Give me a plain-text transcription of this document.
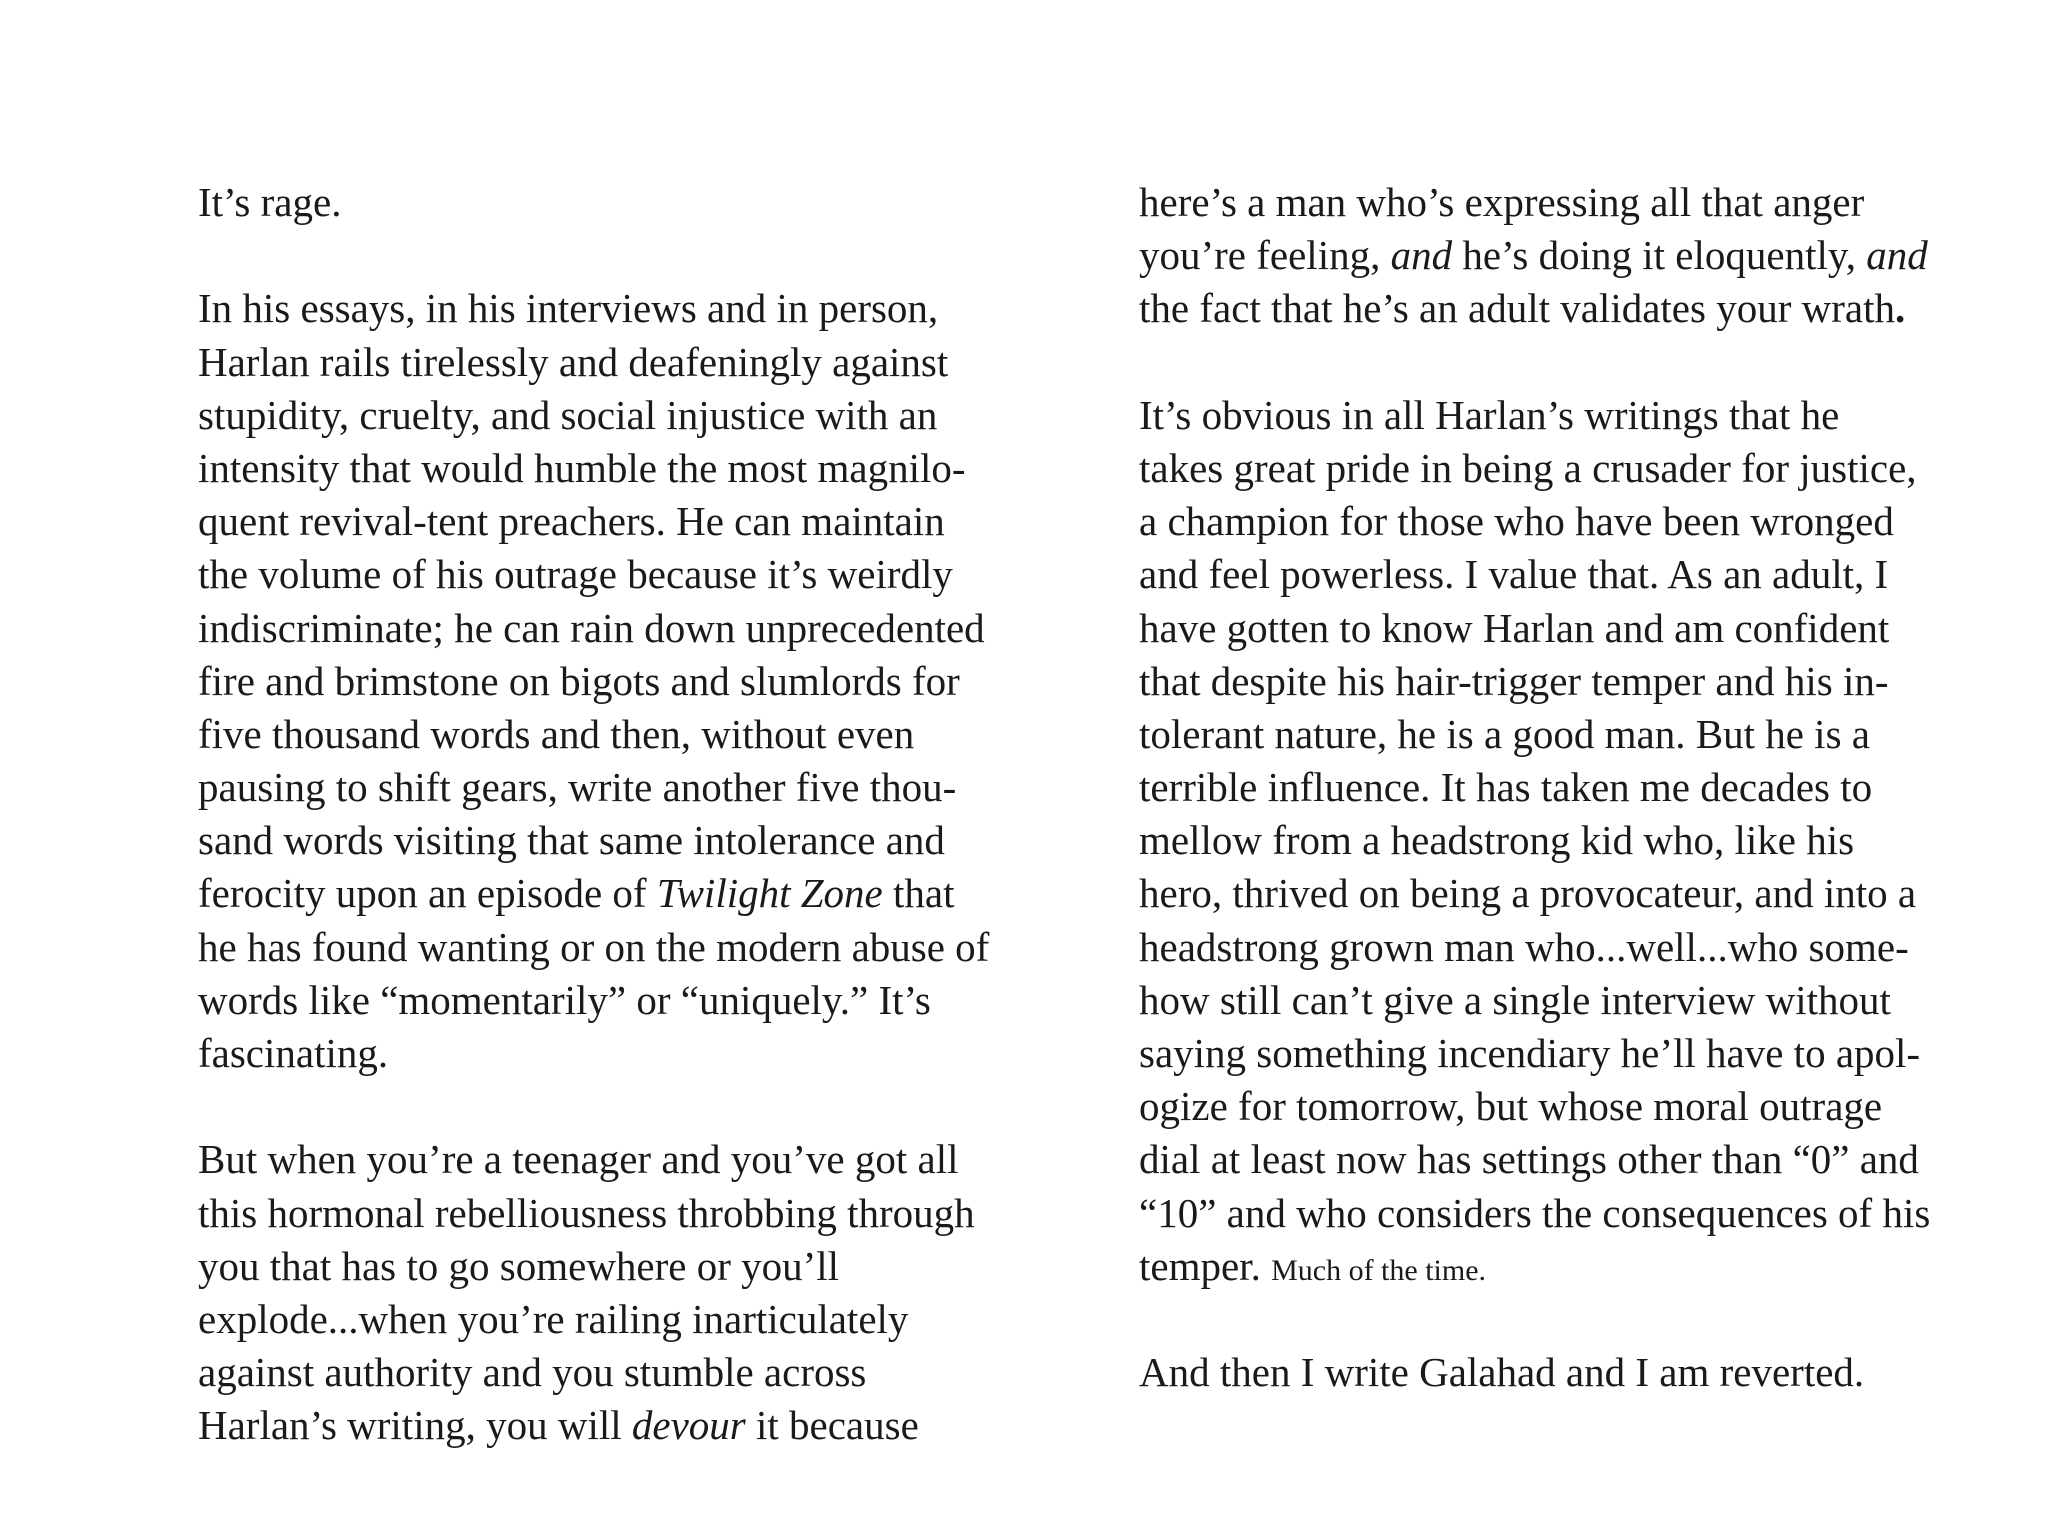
It’s rage.
In his essays, in his interviews and in person,
Harlan rails tirelessly and deafeningly against
stupidity, cruelty, and social injustice with an
intensity that would humble the most magnilo-
quent revival-tent preachers. He can maintain
the volume of his outrage because it’s weirdly
indiscriminate; he can rain down unprecedented
fire and brimstone on bigots and slumlords for
five thousand words and then, without even
pausing to shift gears, write another five thou-
sand words visiting that same intolerance and
ferocity upon an episode of Twilight Zone that
he has found wanting or on the modern abuse of
words like “momentarily” or “uniquely.” It’s
fascinating.
But when you’re a teenager and you’ve got all
this hormonal rebelliousness throbbing through
you that has to go somewhere or you’ll
explode...when you’re railing inarticulately
against authority and you stumble across
Harlan’s writing, you will devour it because
here’s a man who’s expressing all that anger
you’re feeling, and he’s doing it eloquently, and
the fact that he’s an adult validates your wrath.
It’s obvious in all Harlan’s writings that he
takes great pride in being a crusader for justice,
a champion for those who have been wronged
and feel powerless. I value that. As an adult, I
have gotten to know Harlan and am confident
that despite his hair-trigger temper and his in-
tolerant nature, he is a good man. But he is a
terrible influence. It has taken me decades to
mellow from a headstrong kid who, like his
hero, thrived on being a provocateur, and into a
headstrong grown man who...well...who some-
how still can’t give a single interview without
saying something incendiary he’ll have to apol-
ogize for tomorrow, but whose moral outrage
dial at least now has settings other than “0” and
“10” and who considers the consequences of his
temper. Much of the time.
And then I write Galahad and I am reverted.
